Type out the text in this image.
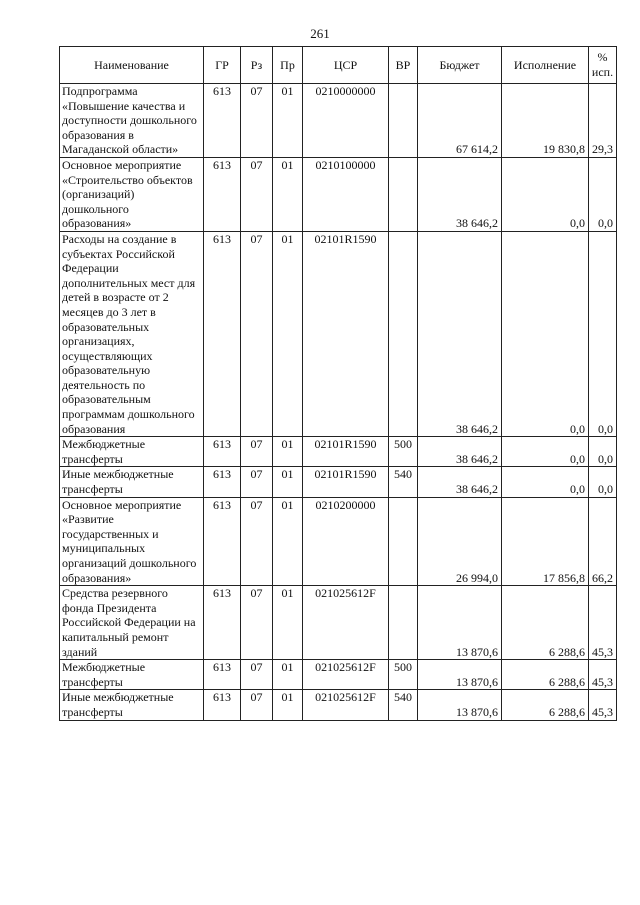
261
Наименование	ГР	Рз	Пр	ЦСР	ВР	Бюджет	Исполнение	% исп.
Подпрограмма «Повышение качества и доступности дошкольного образования в Магаданской области»	613	07	01	0210000000		67 614,2	19 830,8	29,3
Основное мероприятие «Строительство объектов (организаций) дошкольного образования»	613	07	01	0210100000		38 646,2	0,0	0,0
Расходы на создание в субъектах Российской Федерации дополнительных мест для детей в возрасте от 2 месяцев до 3 лет в образовательных организациях, осуществляющих образовательную деятельность по образовательным программам дошкольного образования	613	07	01	02101R1590		38 646,2	0,0	0,0
Межбюджетные трансферты	613	07	01	02101R1590	500	38 646,2	0,0	0,0
Иные межбюджетные трансферты	613	07	01	02101R1590	540	38 646,2	0,0	0,0
Основное мероприятие «Развитие государственных и муниципальных организаций дошкольного образования»	613	07	01	0210200000		26 994,0	17 856,8	66,2
Средства резервного фонда Президента Российской Федерации на капитальный ремонт зданий	613	07	01	021025612F		13 870,6	6 288,6	45,3
Межбюджетные трансферты	613	07	01	021025612F	500	13 870,6	6 288,6	45,3
Иные межбюджетные трансферты	613	07	01	021025612F	540	13 870,6	6 288,6	45,3
